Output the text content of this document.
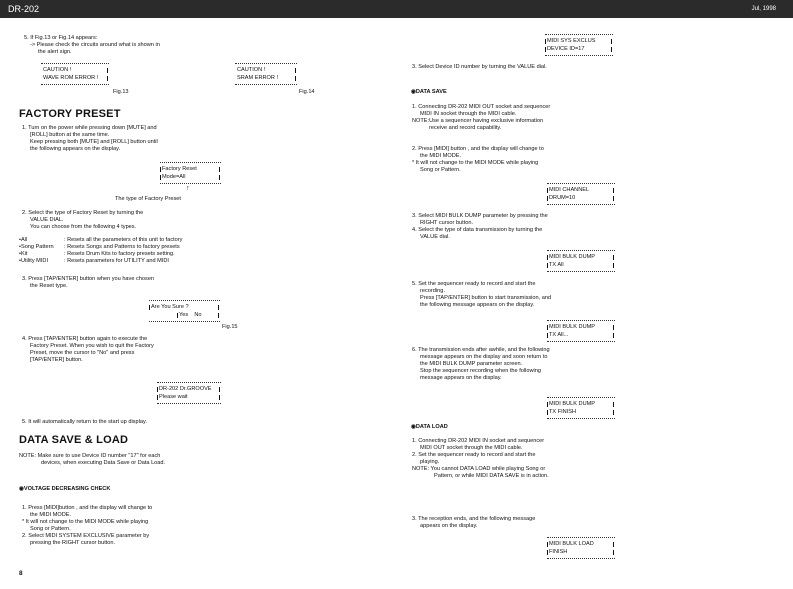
DR-202	Jul, 1998
5. If Fig.13 or Fig.14 appears:
-> Please check the circuits around what is shown in
the alert sign.
CAUTION !
WAVE ROM ERROR !
Fig.13
CAUTION !
SRAM ERROR !
Fig.14
FACTORY PRESET
1. Turn on the power while pressing down [MUTE] and
[ROLL] button at the same time.
Keep pressing both [MUTE] and [ROLL] button until
the following appears on the display.
Factory Reset
Mode=All
↑
The type of Factory Preset
2. Select the type of Factory Reset by turning the
VALUE DIAL.
You can choose from the following 4 types.
•All	: Resets all the parameters of this unit to factory
•Song Pattern : Resets Songs and Patterns to factory presets
•Kit	: Resets Drum Kits to factory presets setting.
•Utility MIDI	: Resets parameters for UTILITY and MIDI
3. Press [TAP/ENTER] button when you have chosen
the Reset type.
Are You Sure ?
Yes    No
Fig.15
4. Press [TAP/ENTER] button again to execute the
Factory Preset. When you wish to quit the Factory
Preset, move the cursor to "No" and press
[TAP/ENTER] button.
DR-202 Dr.GROOVE
Please wait
5. It will automatically return to the start up display.
DATA SAVE & LOAD
NOTE: Make sure to use Device ID number "17" for each
devices, when executing Data Save or Data Load.
◉VOLTAGE DECREASING CHECK
1. Press [MIDI]button , and the display will change to
the MIDI MODE.
* It will not change to the MIDI MODE while playing
Song or Pattern.
2. Select MIDI SYSTEM EXCLUSIVE parameter by
pressing the RIGHT cursor button.
8
MIDI SYS EXCLUS
DEVICE ID=17
3. Select Device ID number by turning the VALUE dial.
◉DATA SAVE
1. Connecting DR-202 MIDI OUT socket and sequencer
MIDI IN socket through the MIDI cable.
NOTE:Use a sequencer having exclusive information
receive and record capability.
2. Press [MIDI] button , and the display will change to
the MIDI MODE.
* It will not change to the MIDI MODE while playing
Song or Pattern.
MIDI CHANNEL
DRUM=10
3. Select MIDI BULK DUMP parameter by pressing the
RIGHT cursor button.
4. Select the type of data transmission by turning the
VALUE dial.
MIDI BULK DUMP
TX All
5. Set the sequencer ready to record and start the
recording.
Press [TAP/ENTER] button to start transmission, and
the following message appears on the display.
MIDI BULK DUMP
TX All...
6. The transmission ends after awhile, and the following
message appears on the display and soon return to
the MIDI BULK DUMP parameter screen.
Stop the sequencer recording when the following
message appears on the display.
MIDI BULK DUMP
TX FINISH
◉DATA LOAD
1. Connecting DR-202 MIDI IN socket and sequencer
MIDI OUT socket through the MIDI cable.
2. Set the sequencer ready to record and start the
playing.
NOTE: You cannot DATA LOAD while playing Song or
Pattern, or while MIDI DATA SAVE is in action.
3. The reception ends, and the following message
appears on the display.
MIDI BULK LOAD
FINISH
